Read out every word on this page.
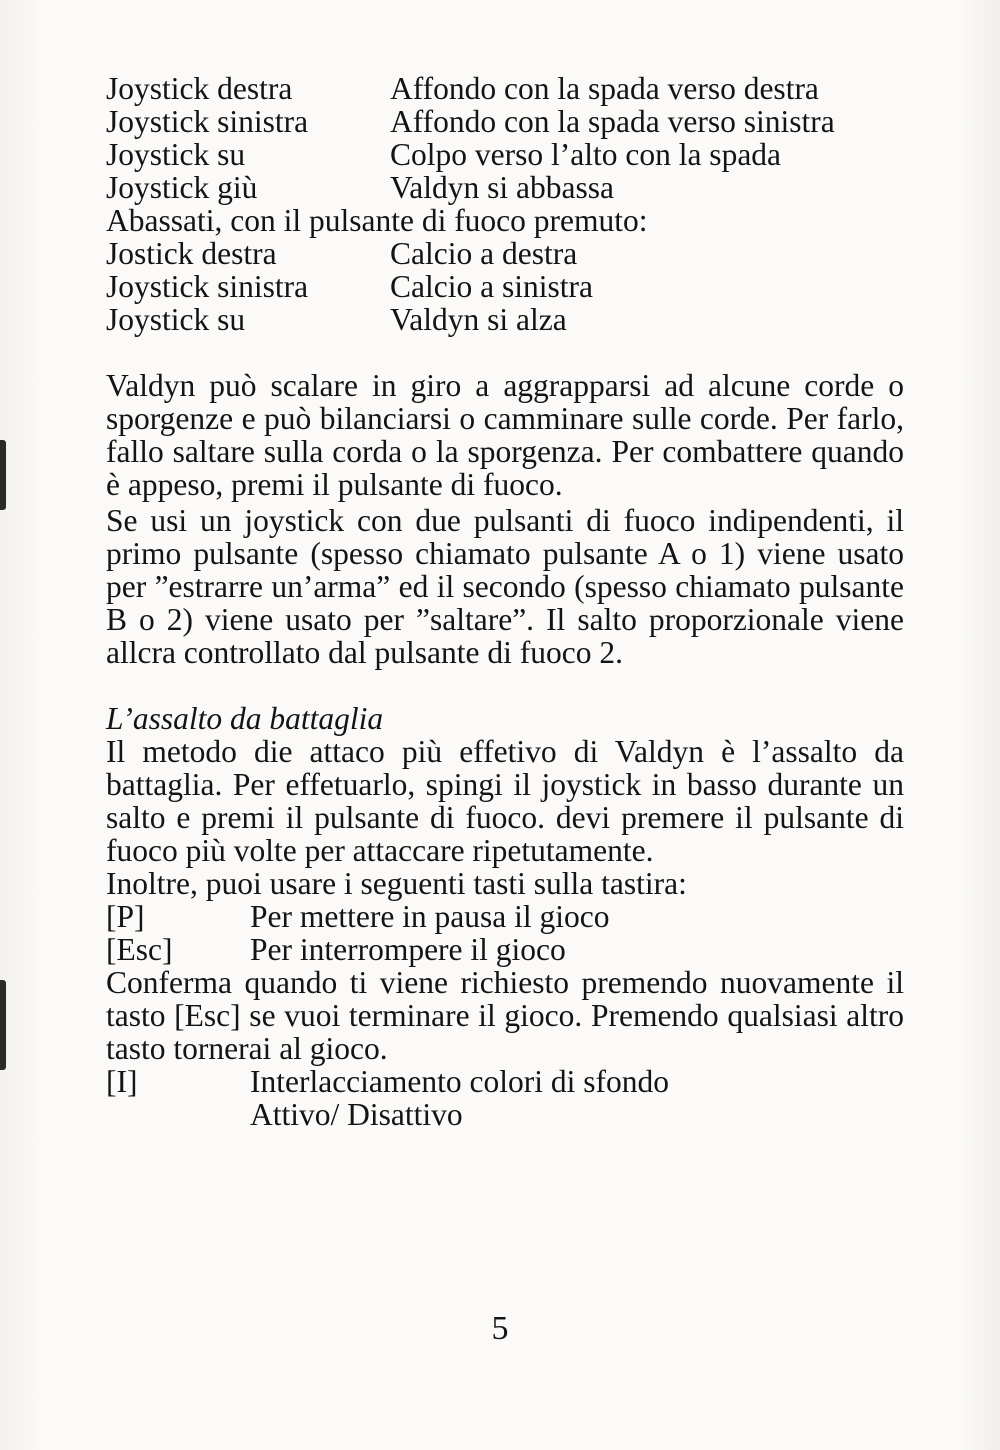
Joystick destra	Affondo con la spada verso destra
Joystick sinistra	Affondo con la spada verso sinistra
Joystick su	Colpo verso l’alto con la spada
Joystick giù	Valdyn si abbassa
Abassati, con il pulsante di fuoco premuto:
Jostick destra	Calcio a destra
Joystick sinistra	Calcio a sinistra
Joystick su	Valdyn si alza

Valdyn può scalare in giro a aggrapparsi ad alcune corde o sporgenze e può bilanciarsi o camminare sulle corde. Per farlo, fallo saltare sulla corda o la sporgenza. Per combattere quando è appeso, premi il pulsante di fuoco.

Se usi un joystick con due pulsanti di fuoco indipendenti, il primo pulsante (spesso chiamato pulsante A o 1) viene usato per ”estrarre un’arma” ed il secondo (spesso chiamato pulsante B o 2) viene usato per ”saltare”. Il salto proporzionale viene allcra controllato dal pulsante di fuoco 2.

L’assalto da battaglia

Il metodo die attaco più effetivo di Valdyn è l’assalto da battaglia. Per effetuarlo, spingi il joystick in basso durante un salto e premi il pulsante di fuoco. devi premere il pulsante di fuoco più volte per attaccare ripetutamente.

Inoltre, puoi usare i seguenti tasti sulla tastira:
[P]	Per mettere in pausa il gioco
[Esc]	Per interrompere il gioco

Conferma quando ti viene richiesto premendo nuovamente il tasto [Esc] se vuoi terminare il gioco. Premendo qualsiasi altro tasto tornerai al gioco.

[I]	Interlacciamento colori di sfondo Attivo/ Disattivo
5
